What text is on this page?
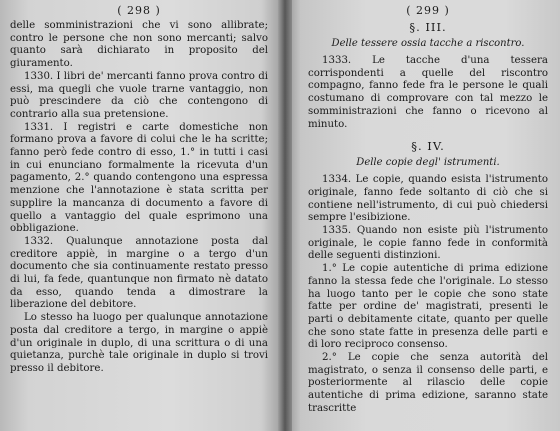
( 298 )

delle somministrazioni che vi sono allibrate; contro le persone che non sono mercanti; salvo quanto sarà dichiarato in proposito del giuramento.

1330. I libri de' mercanti fanno prova contro di essi, ma quegli che vuole trarne vantaggio, non può prescindere da ciò che contengono di contrario alla sua pretensione.

1331. I registri e carte domestiche non formano prova a favore di colui che le ha scritte; fanno però fede contro di esso, 1.° in tutti i casi in cui enunciano formalmente la ricevuta d'un pagamento, 2.° quando contengono una espressa menzione che l'annotazione è stata scritta per supplire la mancanza di documento a favore di quello a vantaggio del quale esprimono una obbligazione.

1332. Qualunque annotazione posta dal creditore appiè, in margine o a tergo d'un documento che sia continuamente restato presso di lui, fa fede, quantunque non firmato nè datato da esso, quando tenda a dimostrare la liberazione del debitore.

Lo stesso ha luogo per qualunque annotazione posta dal creditore a tergo, in margine o appiè d'un originale in duplo, di una scrittura o di una quietanza, purchè tale originale in duplo si trovi presso il debitore.

( 299 )
§. III.
Delle tessere ossia tacche a riscontro.

1333. Le tacche d'una tessera corrispondenti a quelle del riscontro compagno, fanno fede fra le persone le quali costumano di comprovare con tal mezzo le somministrazioni che fanno o ricevono al minuto.

§. IV.
Delle copie degl' istrumenti.

1334. Le copie, quando esista l'istrumento originale, fanno fede soltanto di ciò che si contiene nell'istrumento, di cui può chiedersi sempre l'esibizione.

1335. Quando non esiste più l'istrumento originale, le copie fanno fede in conformità delle seguenti distinzioni.

1.° Le copie autentiche di prima edizione fanno la stessa fede che l'originale. Lo stesso ha luogo tanto per le copie che sono state fatte per ordine de' magistrati, presenti le parti o debitamente citate, quanto per quelle che sono state fatte in presenza delle parti e di loro reciproco consenso.

2.° Le copie che senza autorità del magistrato, o senza il consenso delle parti, e posteriormente al rilascio delle copie autentiche di prima edizione, saranno state trascritte
